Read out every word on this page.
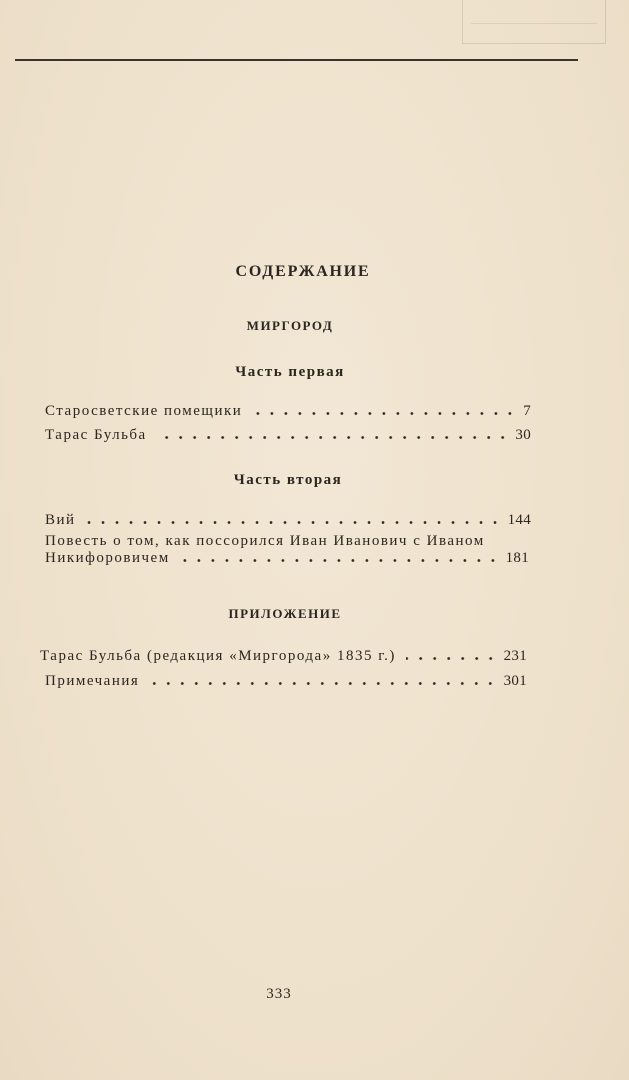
СОДЕРЖАНИЕ
МИРГОРОД
Часть первая
Старосветские помещики	7
Тарас Бульба	30
Часть вторая
Вий	144
Повесть о том, как поссорился Иван Иванович с Иваном
Никифоровичем	181
ПРИЛОЖЕНИЕ
Тарас Бульба (редакция «Миргорода» 1835 г.)	231
Примечания	301
333
